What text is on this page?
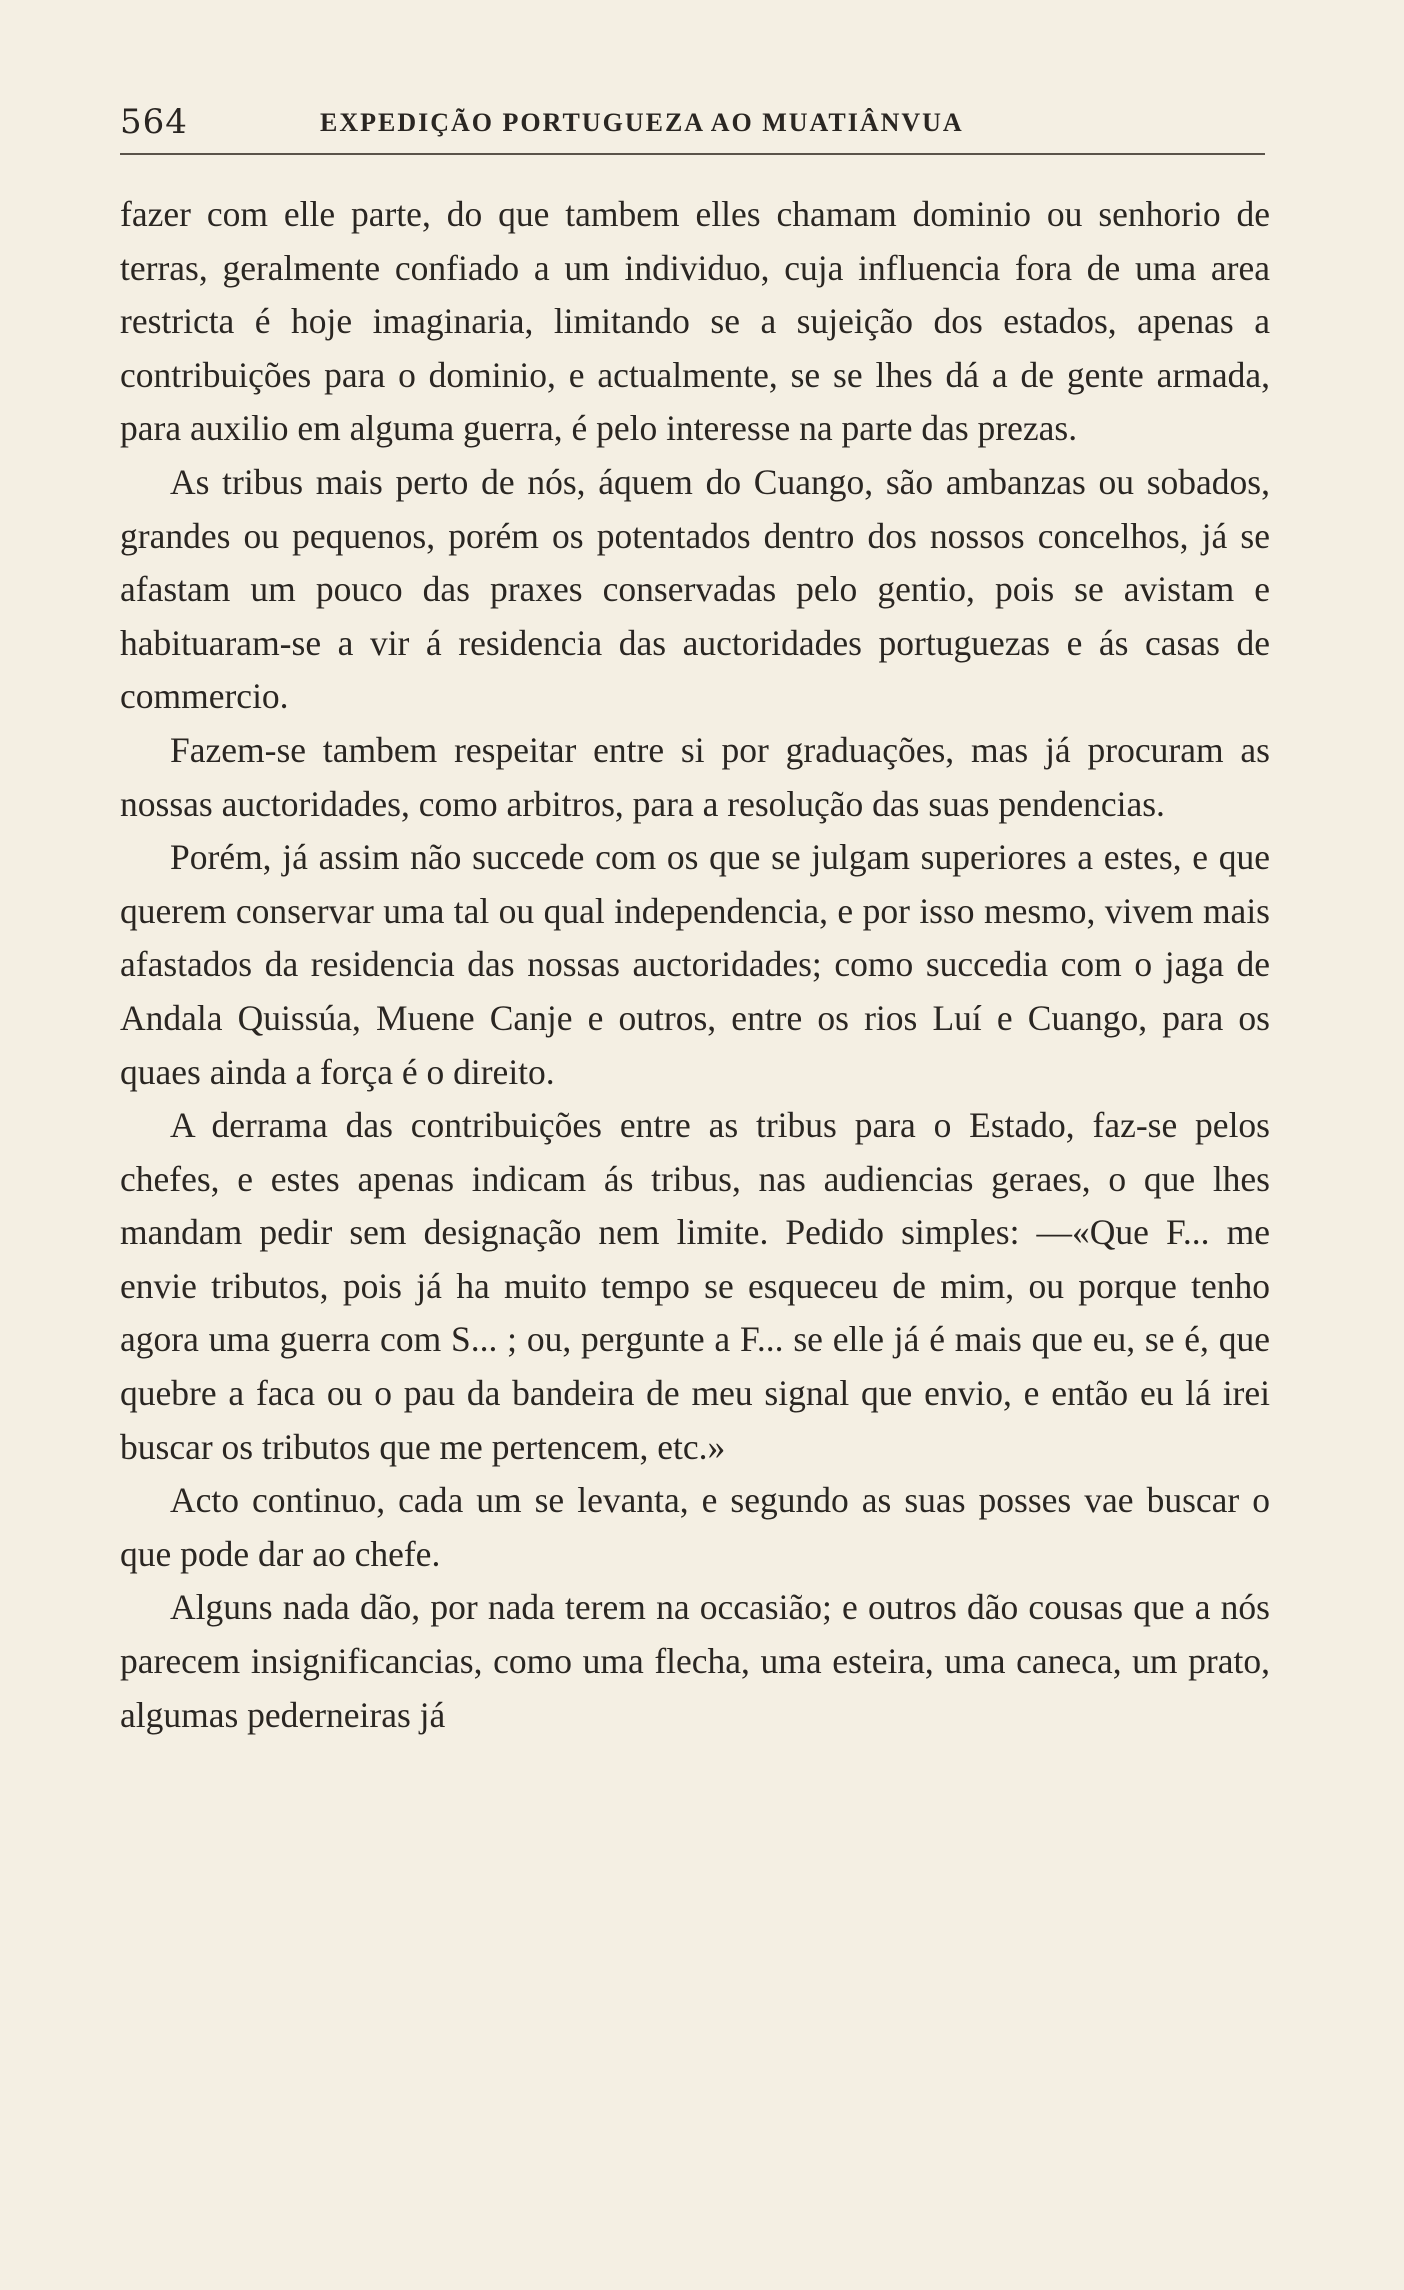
564	EXPEDIÇÃO PORTUGUEZA AO MUATIÂNVUA

fazer com elle parte, do que tambem elles chamam dominio ou senhorio de terras, geralmente confiado a um individuo, cuja influencia fora de uma area restricta é hoje imaginaria, limitando se a sujeição dos estados, apenas a contribuições para o dominio, e actualmente, se se lhes dá a de gente armada, para auxilio em alguma guerra, é pelo interesse na parte das prezas.

As tribus mais perto de nós, áquem do Cuango, são ambanzas ou sobados, grandes ou pequenos, porém os potentados dentro dos nossos concelhos, já se afastam um pouco das praxes conservadas pelo gentio, pois se avistam e habituaram-se a vir á residencia das auctoridades portuguezas e ás casas de commercio.

Fazem-se tambem respeitar entre si por graduações, mas já procuram as nossas auctoridades, como arbitros, para a resolução das suas pendencias.

Porém, já assim não succede com os que se julgam superiores a estes, e que querem conservar uma tal ou qual independencia, e por isso mesmo, vivem mais afastados da residencia das nossas auctoridades; como succedia com o jaga de Andala Quissúa, Muene Canje e outros, entre os rios Luí e Cuango, para os quaes ainda a força é o direito.

A derrama das contribuições entre as tribus para o Estado, faz-se pelos chefes, e estes apenas indicam ás tribus, nas audiencias geraes, o que lhes mandam pedir sem designação nem limite. Pedido simples: —«Que F... me envie tributos, pois já ha muito tempo se esqueceu de mim, ou porque tenho agora uma guerra com S... ; ou, pergunte a F... se elle já é mais que eu, se é, que quebre a faca ou o pau da bandeira de meu signal que envio, e então eu lá irei buscar os tributos que me pertencem, etc.»

Acto continuo, cada um se levanta, e segundo as suas posses vae buscar o que pode dar ao chefe.

Alguns nada dão, por nada terem na occasião; e outros dão cousas que a nós parecem insignificancias, como uma flecha, uma esteira, uma caneca, um prato, algumas pederneiras já
